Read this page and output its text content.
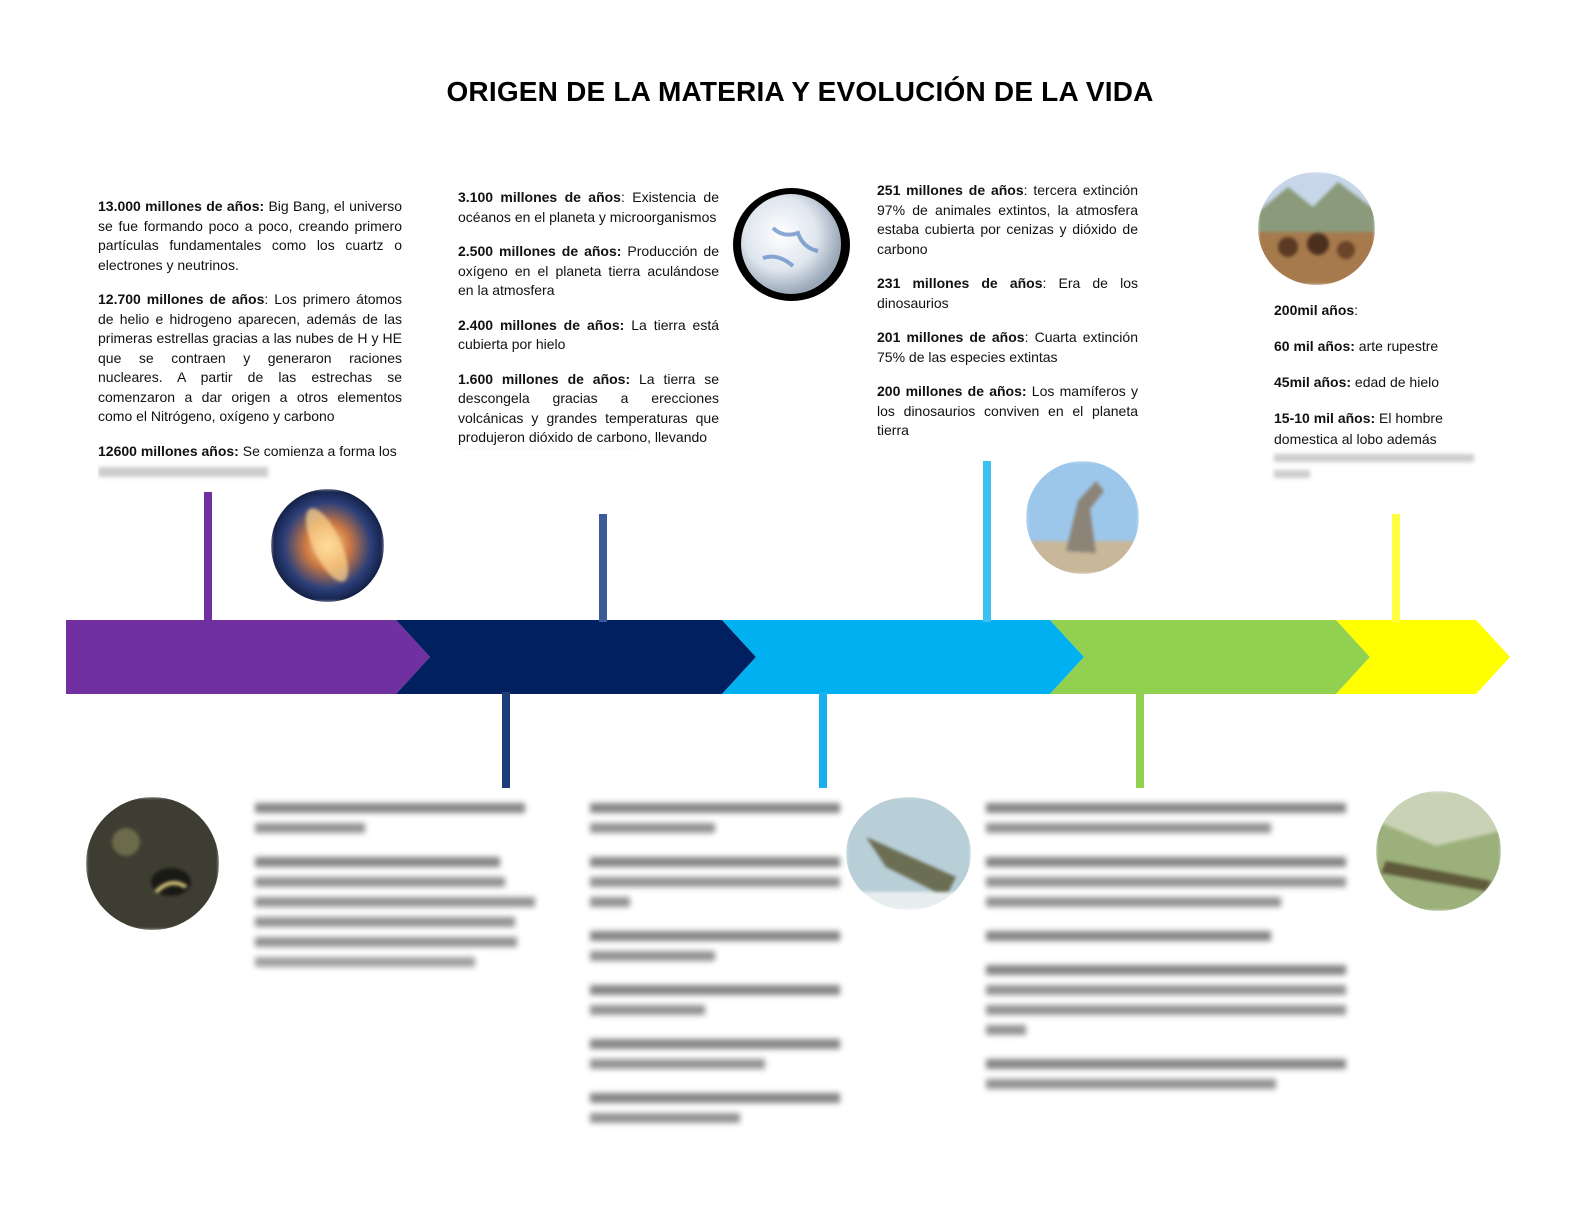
ORIGEN DE LA MATERIA Y EVOLUCIÓN DE LA VIDA

13.000 millones de años: Big Bang, el universo se fue formando poco a poco, creando primero partículas fundamentales como los cuartz o electrones y neutrinos.

12.700 millones de años: Los primero átomos de helio e hidrogeno aparecen, además de las primeras estrellas gracias a las nubes de H y HE que se contraen y generaron raciones nucleares. A partir de las estrechas se comenzaron a dar origen a otros elementos como el Nitrógeno, oxígeno y carbono

12600 millones años: Se comienza a forma los

3.100 millones de años: Existencia de océanos en el planeta y microorganismos

2.500 millones de años: Producción de oxígeno en el planeta tierra aculándose en la atmosfera

2.400 millones de años: La tierra está cubierta por hielo

1.600 millones de años: La tierra se descongela gracias a erecciones volcánicas y grandes temperaturas que produjeron dióxido de carbono, llevando

251 millones de años: tercera extinción 97% de animales extintos, la atmosfera estaba cubierta por cenizas y dióxido de carbono

231 millones de años: Era de los dinosaurios

201 millones de años: Cuarta extinción 75% de las especies extintas

200 millones de años: Los mamíferos y los dinosaurios conviven en el planeta tierra

200mil años:

60 mil años: arte rupestre

45mil años: edad de hielo

15-10 mil años: El hombre domestica al lobo además
